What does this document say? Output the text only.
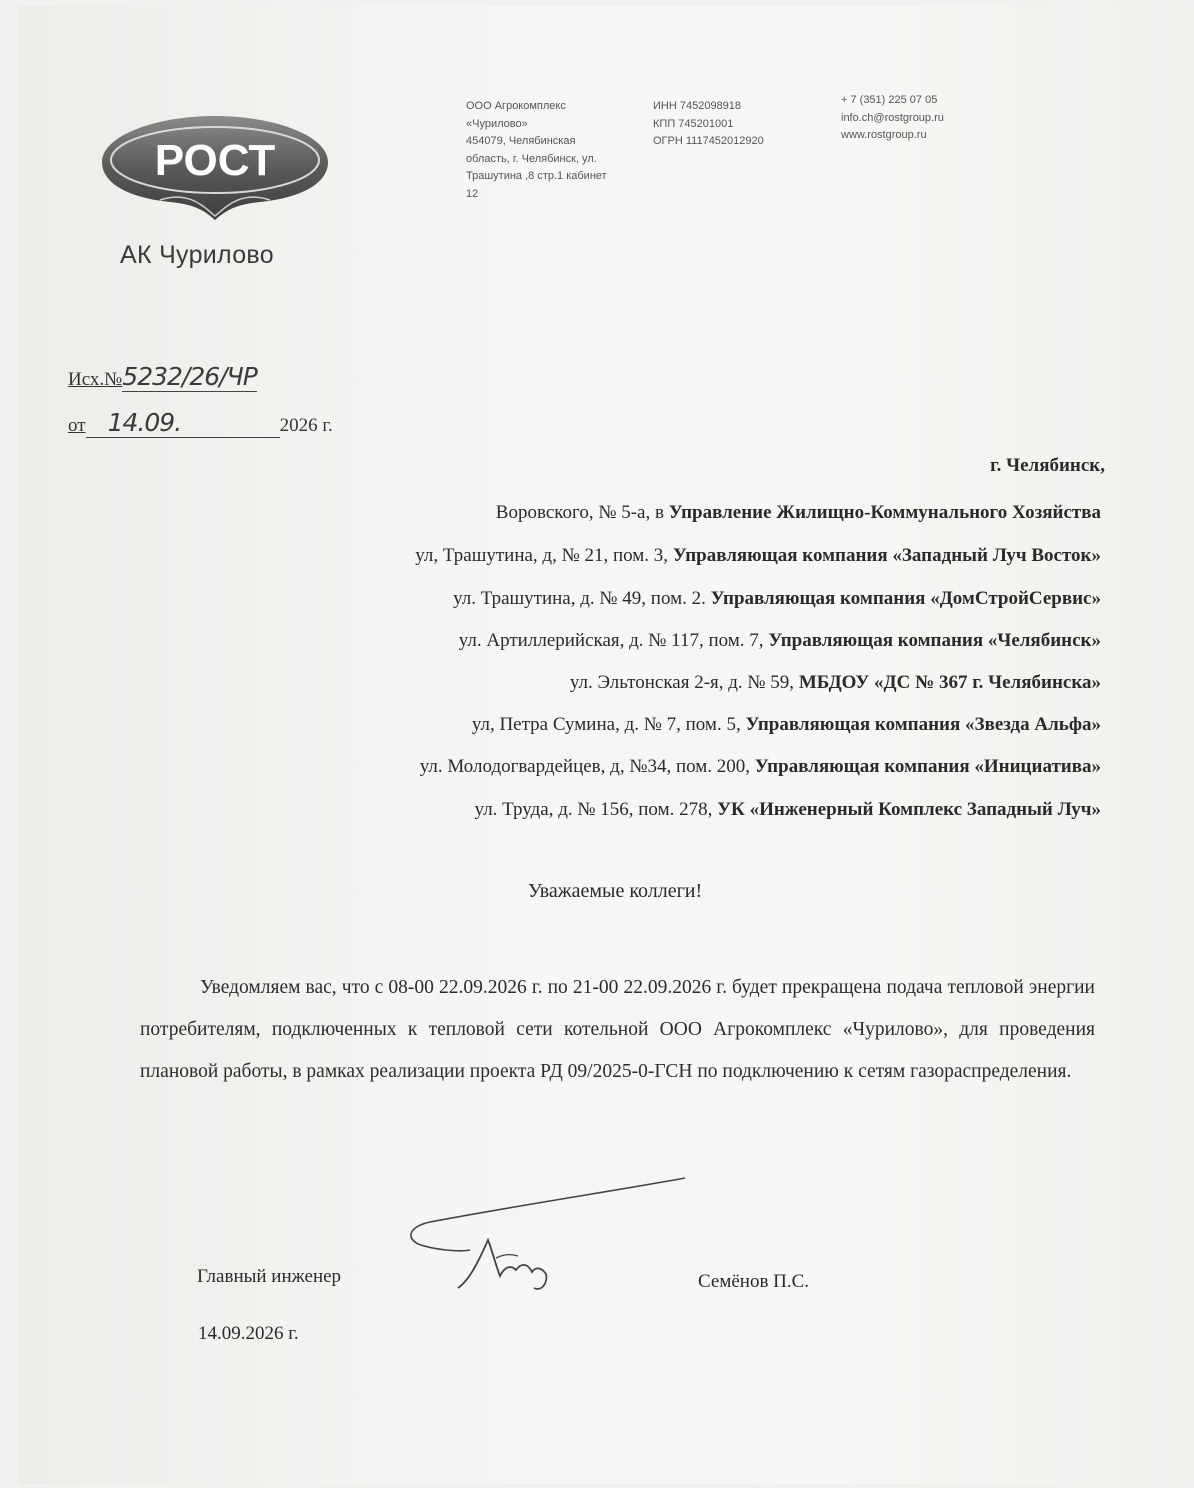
РОСТ
АК Чурилово
ООО Агрокомплекс
«Чурилово»
454079, Челябинская
область, г. Челябинск, ул.
Трашутина ,8 стр.1 кабинет
12
ИНН 7452098918
КПП 745201001
ОГРН 1117452012920
+ 7 (351) 225 07 05
info.ch@rostgroup.ru
www.rostgroup.ru
Исх.№5232/26/ЧР
от 14.09.	2026 г.
г. Челябинск,
Воровского, № 5-а, в Управление Жилищно-Коммунального Хозяйства
ул, Трашутина, д, № 21, пом. 3, Управляющая компания «Западный Луч Восток»
ул. Трашутина, д. № 49, пом. 2. Управляющая компания «ДомСтройСервис»
ул. Артиллерийская, д. № 117, пом. 7, Управляющая компания «Челябинск»
ул. Эльтонская 2-я, д. № 59, МБДОУ «ДС № 367 г. Челябинска»
ул, Петра Сумина, д. № 7, пом. 5, Управляющая компания «Звезда Альфа»
ул. Молодогвардейцев, д, №34, пом. 200, Управляющая компания «Инициатива»
ул. Труда, д. № 156, пом. 278, УК «Инженерный Комплекс Западный Луч»
Уважаемые коллеги!
Уведомляем вас, что с 08-00 22.09.2026 г. по 21-00 22.09.2026 г. будет прекращена подача тепловой энергии потребителям, подключенных к тепловой сети котельной ООО Агрокомплекс «Чурилово», для проведения плановой работы, в рамках реализации проекта РД 09/2025-0-ГСН по подключению к сетям газораспределения.
Главный инженер	Семёнов П.С.
14.09.2026 г.
